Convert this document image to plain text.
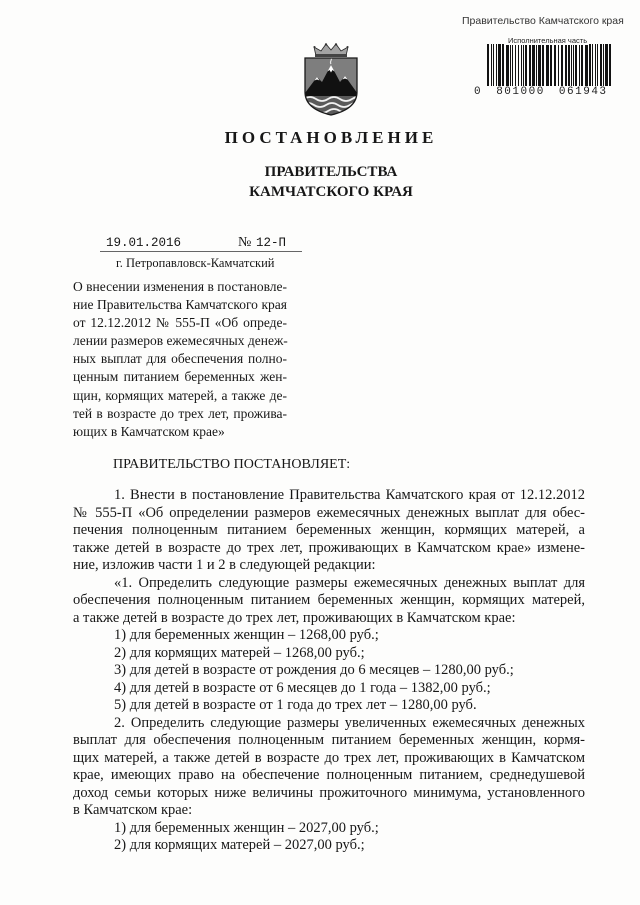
Правительство Камчатского края
Исполнительная часть
0 801000 061943
ПОСТАНОВЛЕНИЕ
ПРАВИТЕЛЬСТВА
КАМЧАТСКОГО КРАЯ
19.01.2016	№ 12-П
г. Петропавловск-Камчатский
О внесении изменения в постановле-
ние Правительства Камчатского края
от 12.12.2012 № 555-П «Об опреде-
лении размеров ежемесячных денеж-
ных выплат для обеспечения полно-
ценным питанием беременных жен-
щин, кормящих матерей, а также де-
тей в возрасте до трех лет, прожива-
ющих в Камчатском крае»
ПРАВИТЕЛЬСТВО ПОСТАНОВЛЯЕТ:
1. Внести в постановление Правительства Камчатского края от 12.12.2012
№ 555-П «Об определении размеров ежемесячных денежных выплат для обес-
печения полноценным питанием беременных женщин, кормящих матерей, а
также детей в возрасте до трех лет, проживающих в Камчатском крае» измене-
ние, изложив части 1 и 2 в следующей редакции:
«1. Определить следующие размеры ежемесячных денежных выплат для
обеспечения полноценным питанием беременных женщин, кормящих матерей,
а также детей в возрасте до трех лет, проживающих в Камчатском крае:
1) для беременных женщин – 1268,00 руб.;
2) для кормящих матерей – 1268,00 руб.;
3) для детей в возрасте от рождения до 6 месяцев – 1280,00 руб.;
4) для детей в возрасте от 6 месяцев до 1 года – 1382,00 руб.;
5) для детей в возрасте от 1 года до трех лет – 1280,00 руб.
2. Определить следующие размеры увеличенных ежемесячных денежных
выплат для обеспечения полноценным питанием беременных женщин, кормя-
щих матерей, а также детей в возрасте до трех лет, проживающих в Камчатском
крае, имеющих право на обеспечение полноценным питанием, среднедушевой
доход семьи которых ниже величины прожиточного минимума, установленного
в Камчатском крае:
1) для беременных женщин – 2027,00 руб.;
2) для кормящих матерей – 2027,00 руб.;
